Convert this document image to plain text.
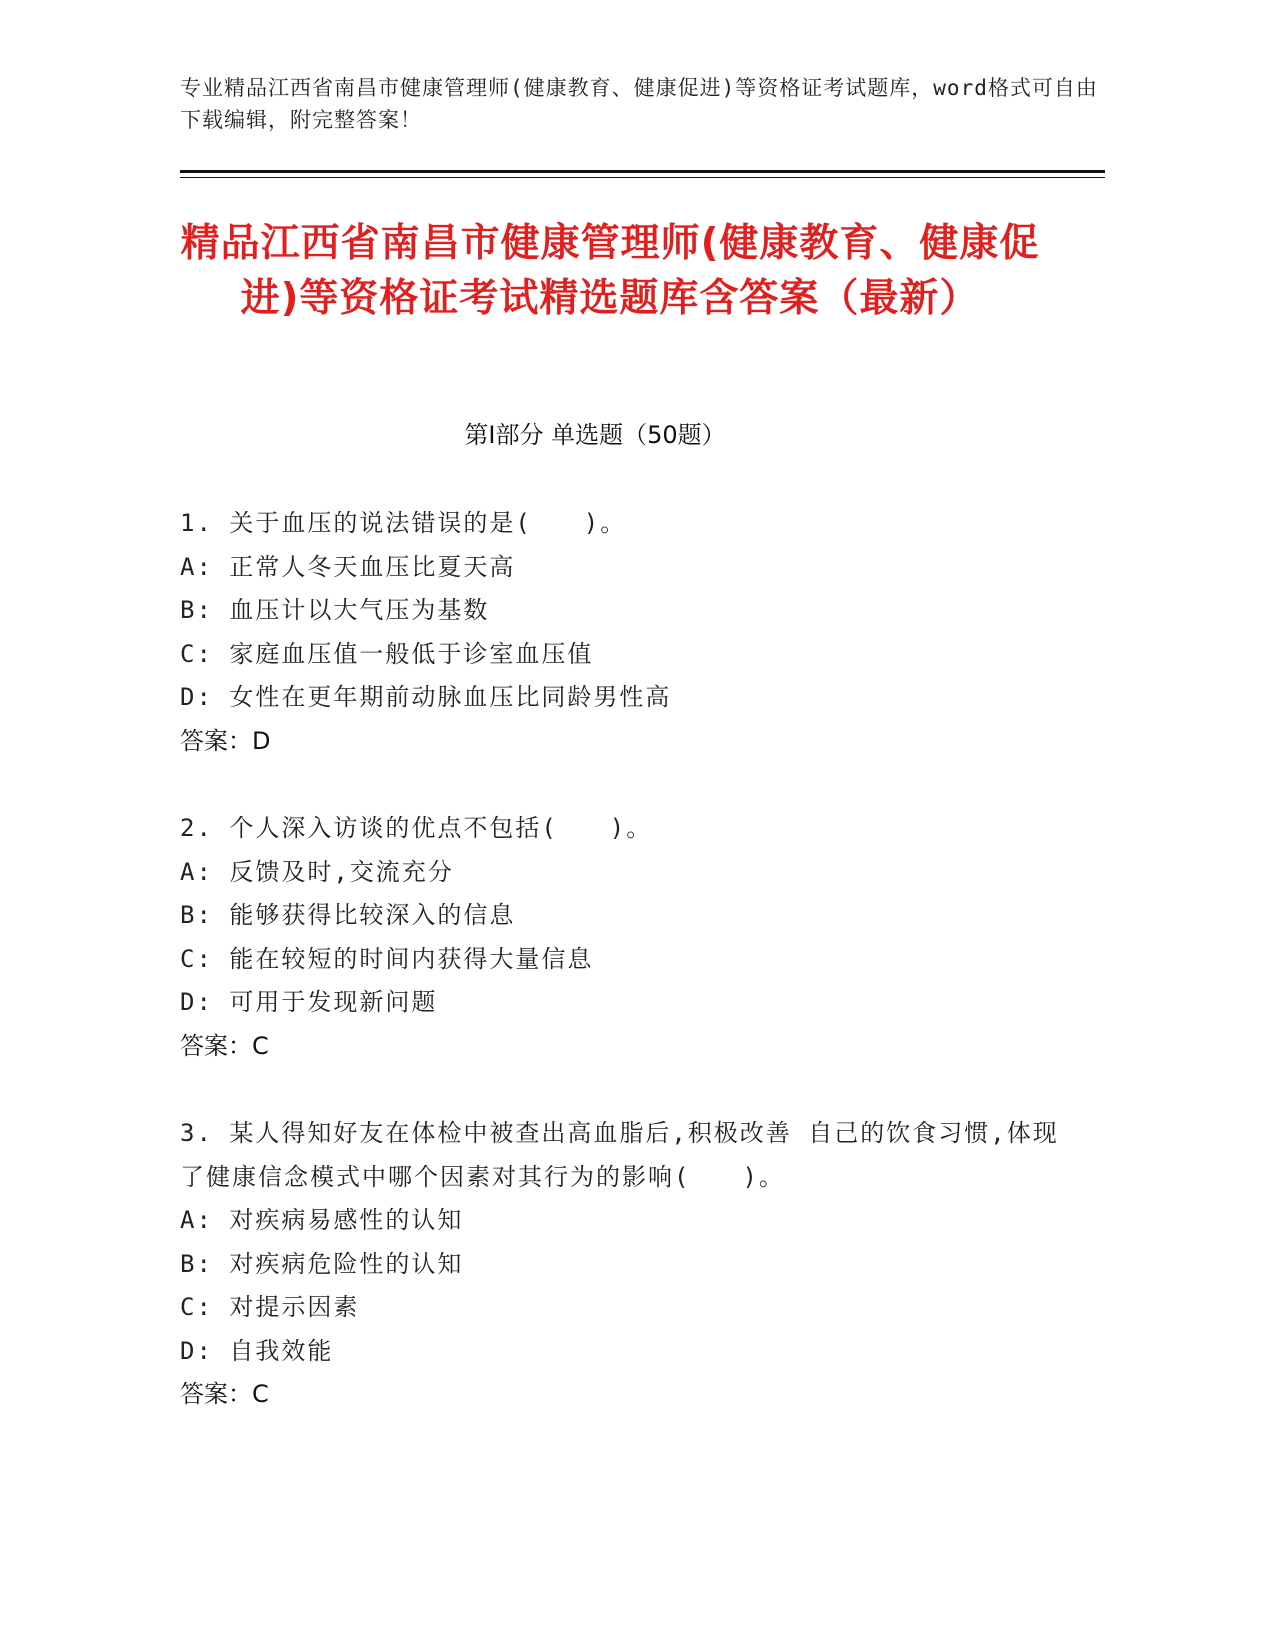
专业精品江西省南昌市健康管理师(健康教育、健康促进)等资格证考试题库，word格式可自由下载编辑，附完整答案！
精品江西省南昌市健康管理师(健康教育、健康促进)等资格证考试精选题库含答案（最新）
第Ⅰ部分 单选题（50题）

1. 关于血压的说法错误的是(　　)。

A: 正常人冬天血压比夏天高

B: 血压计以大气压为基数

C: 家庭血压值一般低于诊室血压值

D: 女性在更年期前动脉血压比同龄男性高

答案：D

2. 个人深入访谈的优点不包括(　　)。

A: 反馈及时,交流充分

B: 能够获得比较深入的信息

C: 能在较短的时间内获得大量信息

D: 可用于发现新问题

答案：C

3. 某人得知好友在体检中被查出高血脂后,积极改善 自己的饮食习惯,体现了健康信念模式中哪个因素对其行为的影响(　　)。

A: 对疾病易感性的认知

B: 对疾病危险性的认知

C: 对提示因素

D: 自我效能

答案：C
